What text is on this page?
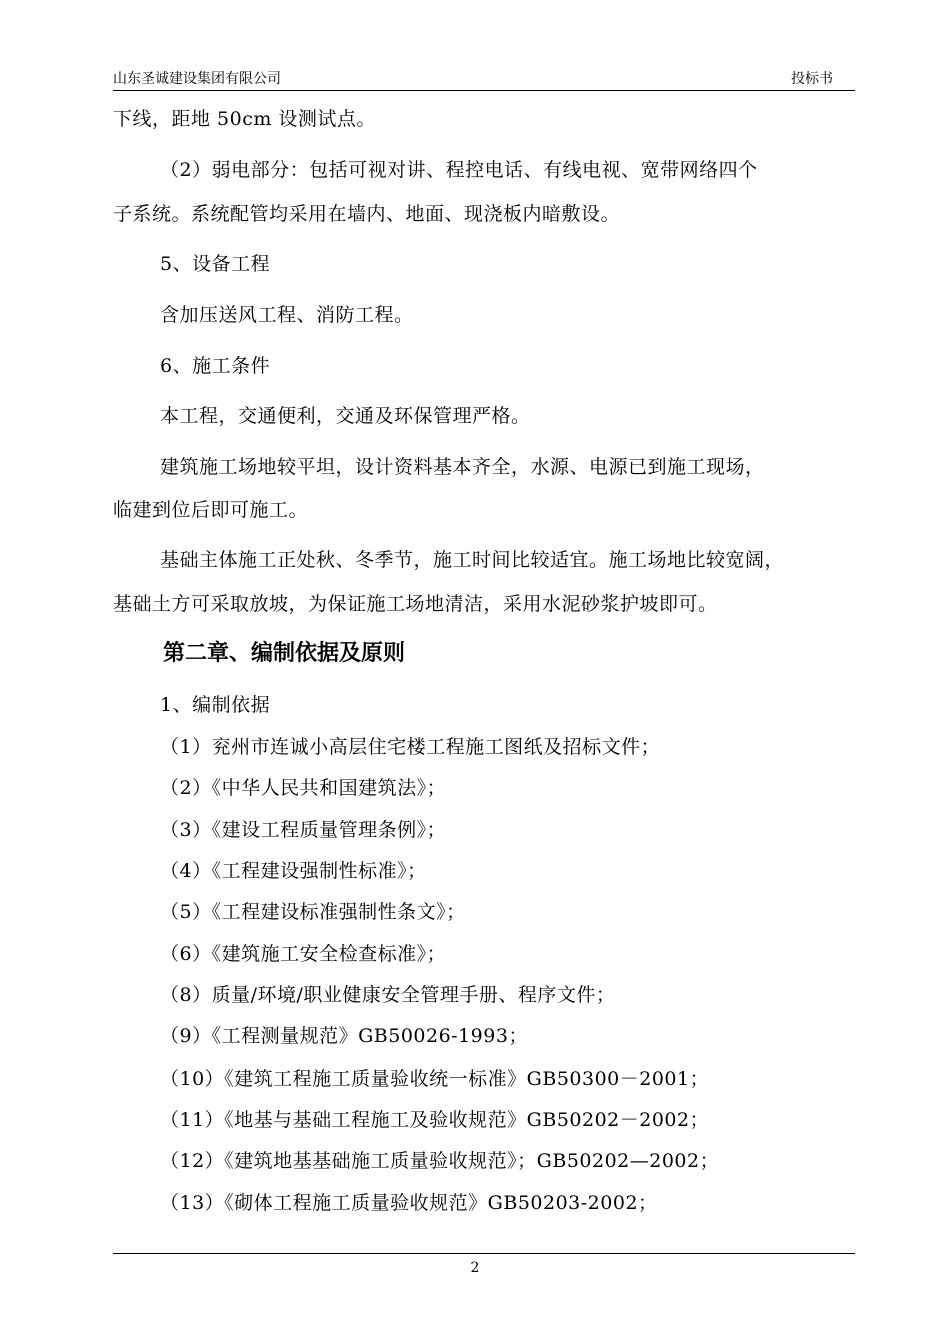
山东圣诚建设集团有限公司	投标书
下线，距地 50cm 设测试点。
（2）弱电部分：包括可视对讲、程控电话、有线电视、宽带网络四个
子系统。系统配管均采用在墙内、地面、现浇板内暗敷设。
5、设备工程
含加压送风工程、消防工程。
6、施工条件
本工程，交通便利，交通及环保管理严格。
建筑施工场地较平坦，设计资料基本齐全，水源、电源已到施工现场，
临建到位后即可施工。
基础主体施工正处秋、冬季节，施工时间比较适宜。施工场地比较宽阔，
基础土方可采取放坡，为保证施工场地清洁，采用水泥砂浆护坡即可。
第二章、编制依据及原则
1、编制依据
（1）兖州市连诚小高层住宅楼工程施工图纸及招标文件；
（2）《中华人民共和国建筑法》；
（3）《建设工程质量管理条例》；
（4）《工程建设强制性标准》；
（5）《工程建设标准强制性条文》；
（6）《建筑施工安全检查标准》；
（8）质量/环境/职业健康安全管理手册、程序文件；
（9）《工程测量规范》GB50026-1993；
（10）《建筑工程施工质量验收统一标准》GB50300－2001；
（11）《地基与基础工程施工及验收规范》GB50202－2002；
（12）《建筑地基基础施工质量验收规范》；GB50202—2002；
（13）《砌体工程施工质量验收规范》GB50203-2002；
2
